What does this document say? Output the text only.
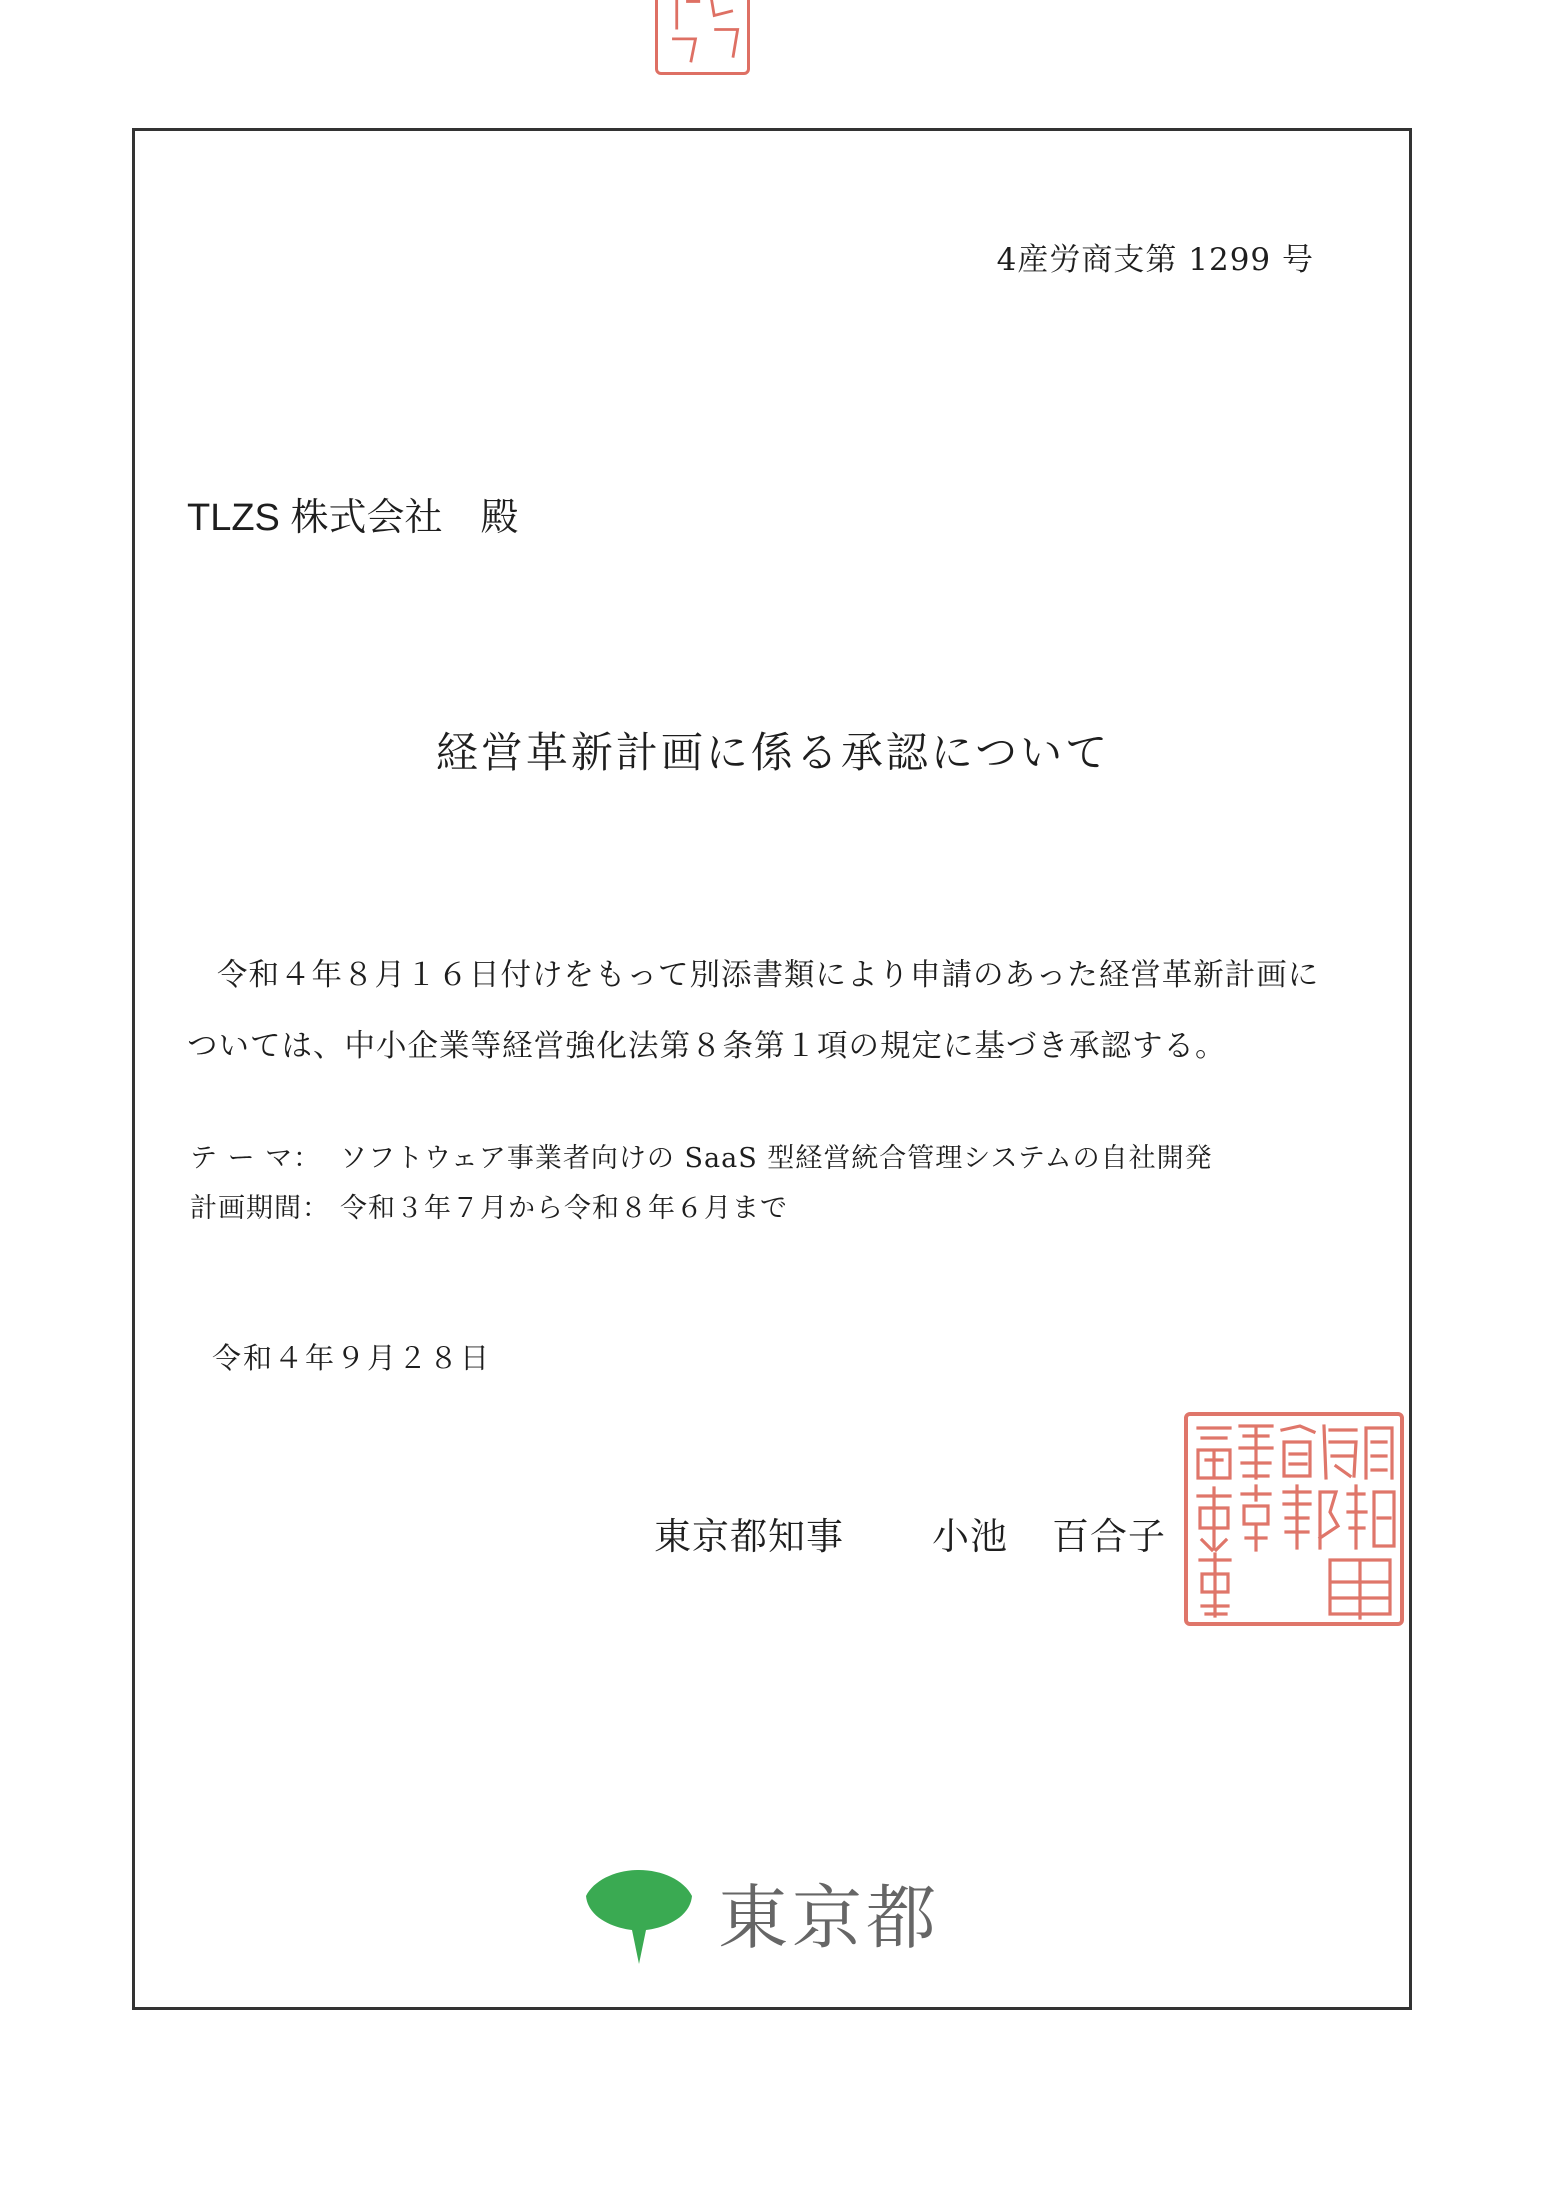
4産労商支第 1299 号
TLZS 株式会社　殿
経営革新計画に係る承認について
令和４年８月１６日付けをもって別添書類により申請のあった経営革新計画については、中小企業等経営強化法第８条第１項の規定に基づき承認する。
テ ー マ： ソフトウェア事業者向けの SaaS 型経営統合管理システムの自社開発
計画期間： 令和３年７月から令和８年６月まで
令和４年９月２８日
東京都知事 小池 百合子
東京都
